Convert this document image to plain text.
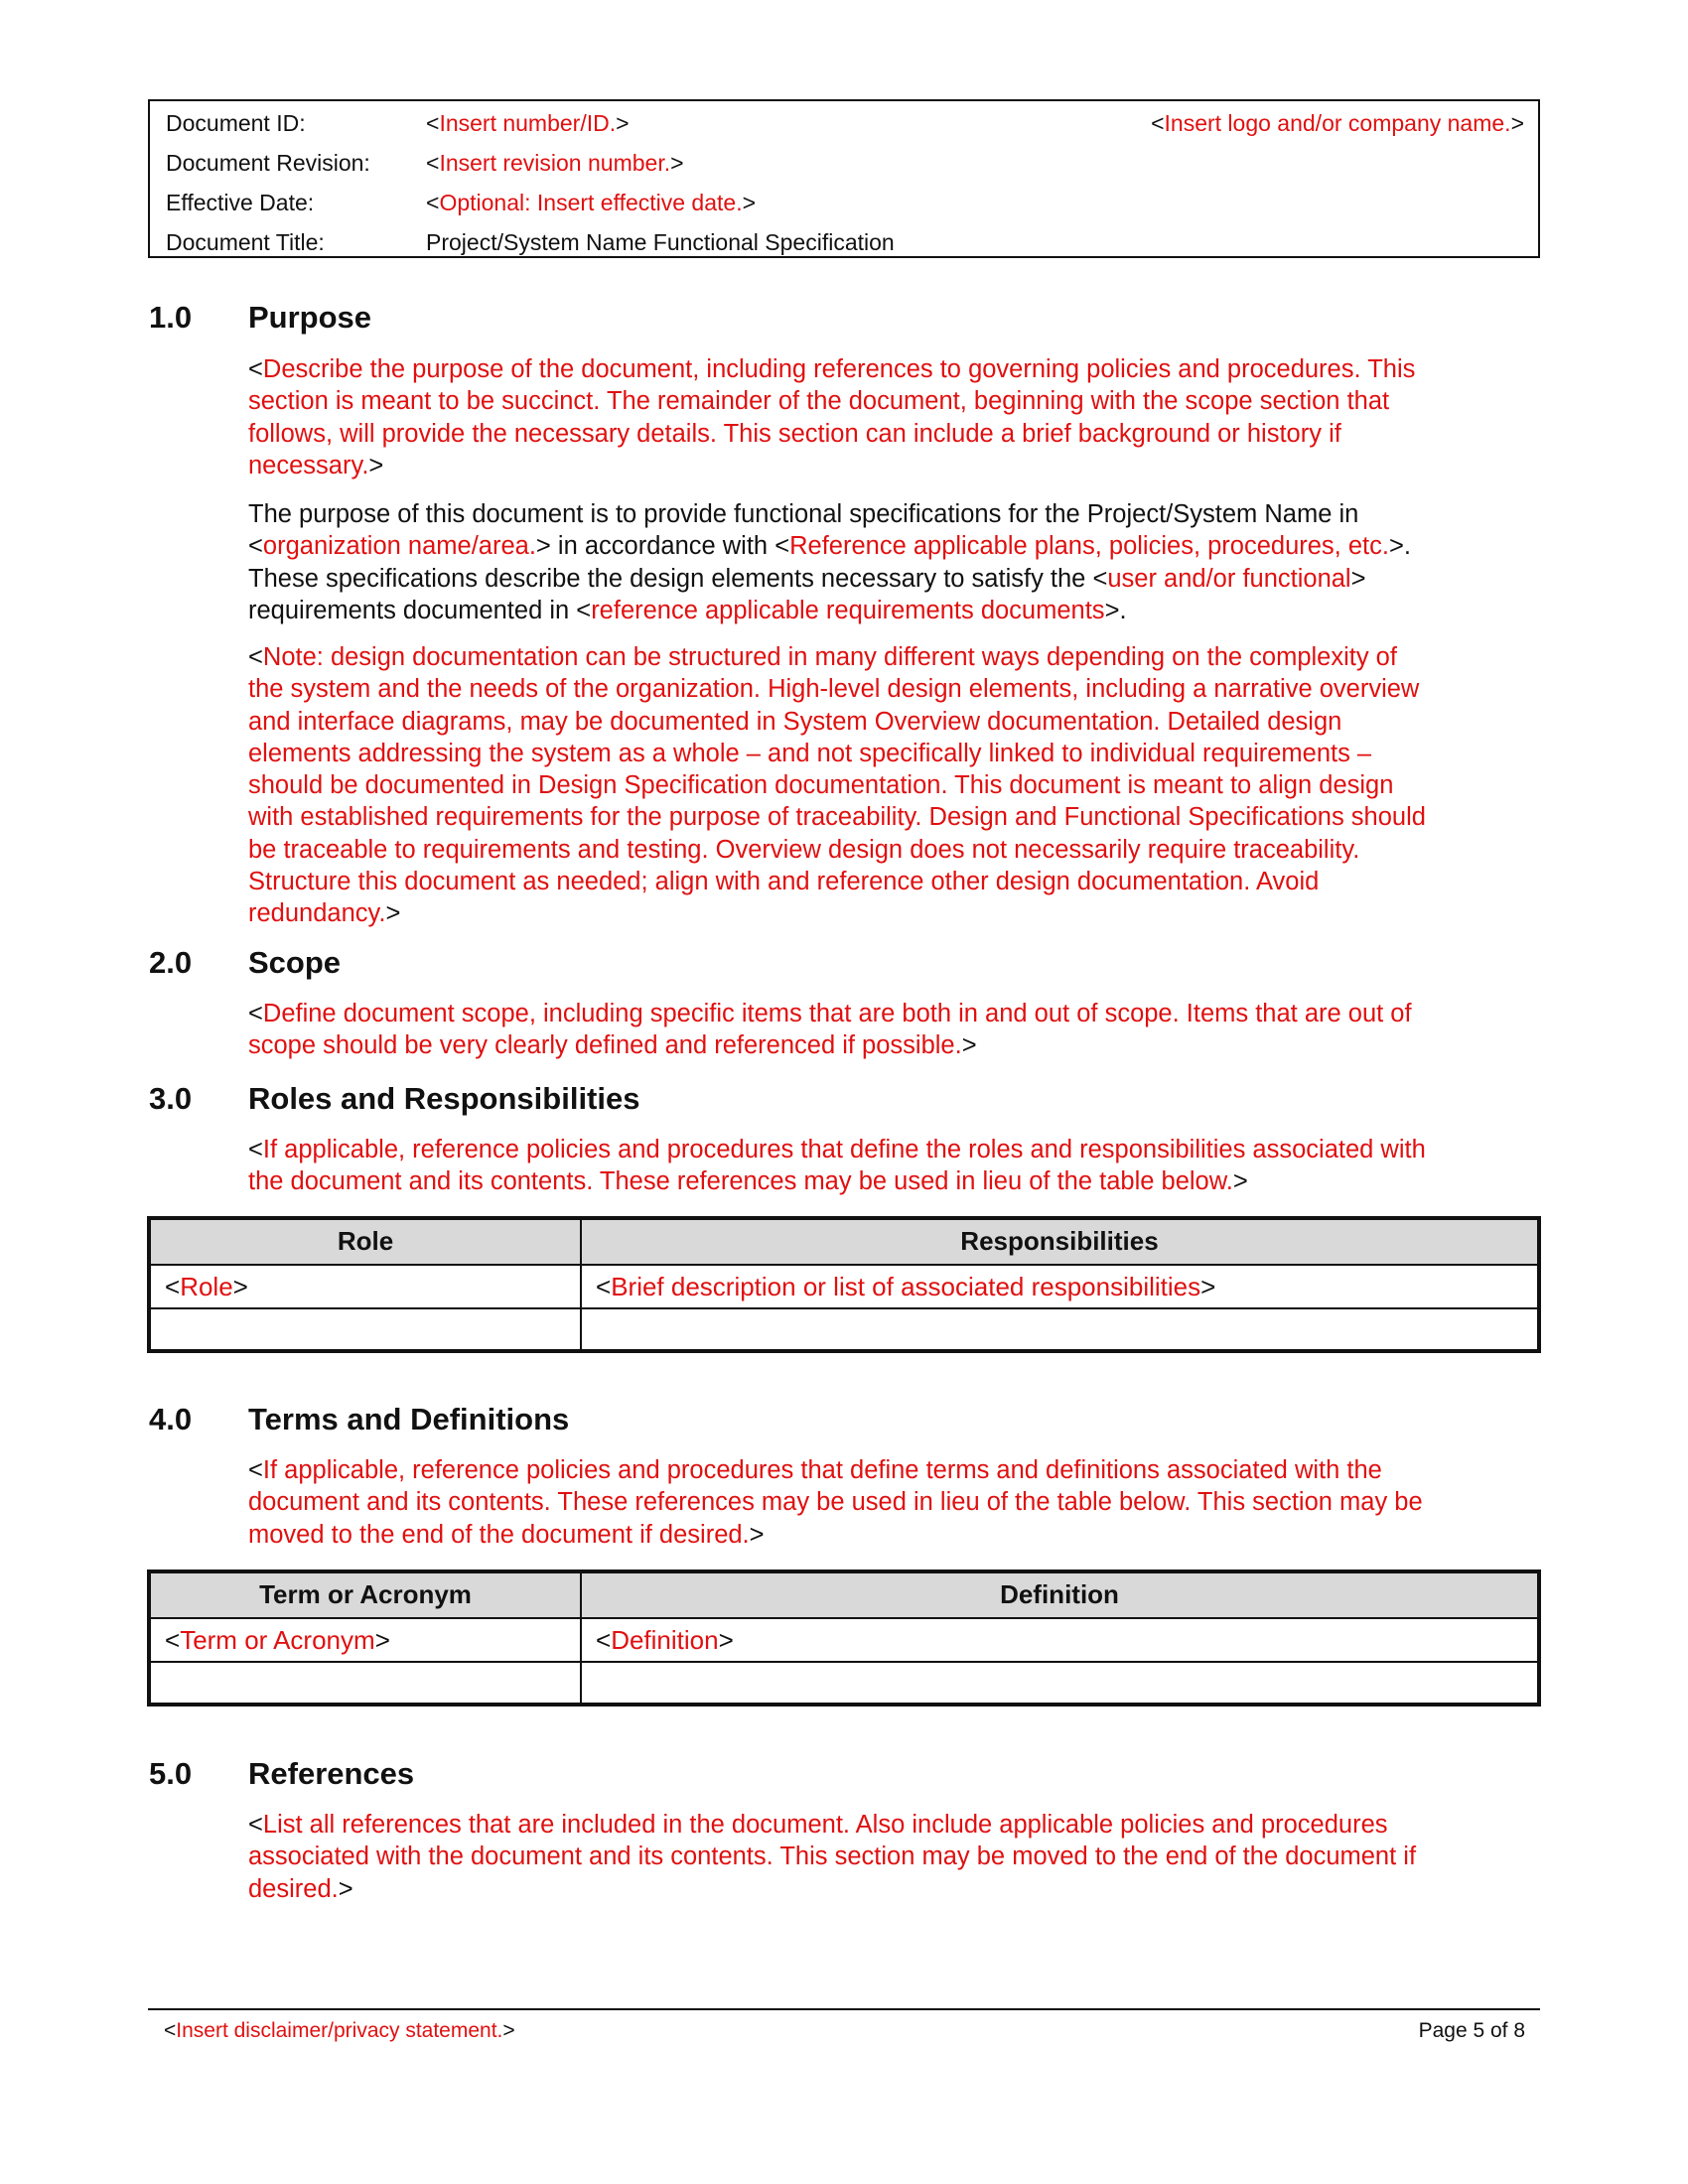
Document ID:	<Insert number/ID.>	<Insert logo and/or company name.>
Document Revision: <Insert revision number.>
Effective Date:	<Optional: Insert effective date.>
Document Title:	Project/System Name Functional Specification
1.0 Purpose
<Describe the purpose of the document, including references to governing policies and procedures. This
section is meant to be succinct. The remainder of the document, beginning with the scope section that
follows, will provide the necessary details. This section can include a brief background or history if
necessary.>
The purpose of this document is to provide functional specifications for the Project/System Name in
<organization name/area.> in accordance with <Reference applicable plans, policies, procedures, etc.>.
These specifications describe the design elements necessary to satisfy the <user and/or functional>
requirements documented in <reference applicable requirements documents>.
<Note: design documentation can be structured in many different ways depending on the complexity of
the system and the needs of the organization. High-level design elements, including a narrative overview
and interface diagrams, may be documented in System Overview documentation. Detailed design
elements addressing the system as a whole – and not specifically linked to individual requirements –
should be documented in Design Specification documentation. This document is meant to align design
with established requirements for the purpose of traceability. Design and Functional Specifications should
be traceable to requirements and testing. Overview design does not necessarily require traceability.
Structure this document as needed; align with and reference other design documentation. Avoid
redundancy.>
2.0 Scope
<Define document scope, including specific items that are both in and out of scope. Items that are out of
scope should be very clearly defined and referenced if possible.>
3.0 Roles and Responsibilities
<If applicable, reference policies and procedures that define the roles and responsibilities associated with
the document and its contents. These references may be used in lieu of the table below.>
Role	Responsibilities
<Role>	<Brief description or list of associated responsibilities>
4.0 Terms and Definitions
<If applicable, reference policies and procedures that define terms and definitions associated with the
document and its contents. These references may be used in lieu of the table below. This section may be
moved to the end of the document if desired.>
Term or Acronym	Definition
<Term or Acronym>	<Definition>
5.0 References
<List all references that are included in the document. Also include applicable policies and procedures
associated with the document and its contents. This section may be moved to the end of the document if
desired.>
<Insert disclaimer/privacy statement.>	Page 5 of 8
